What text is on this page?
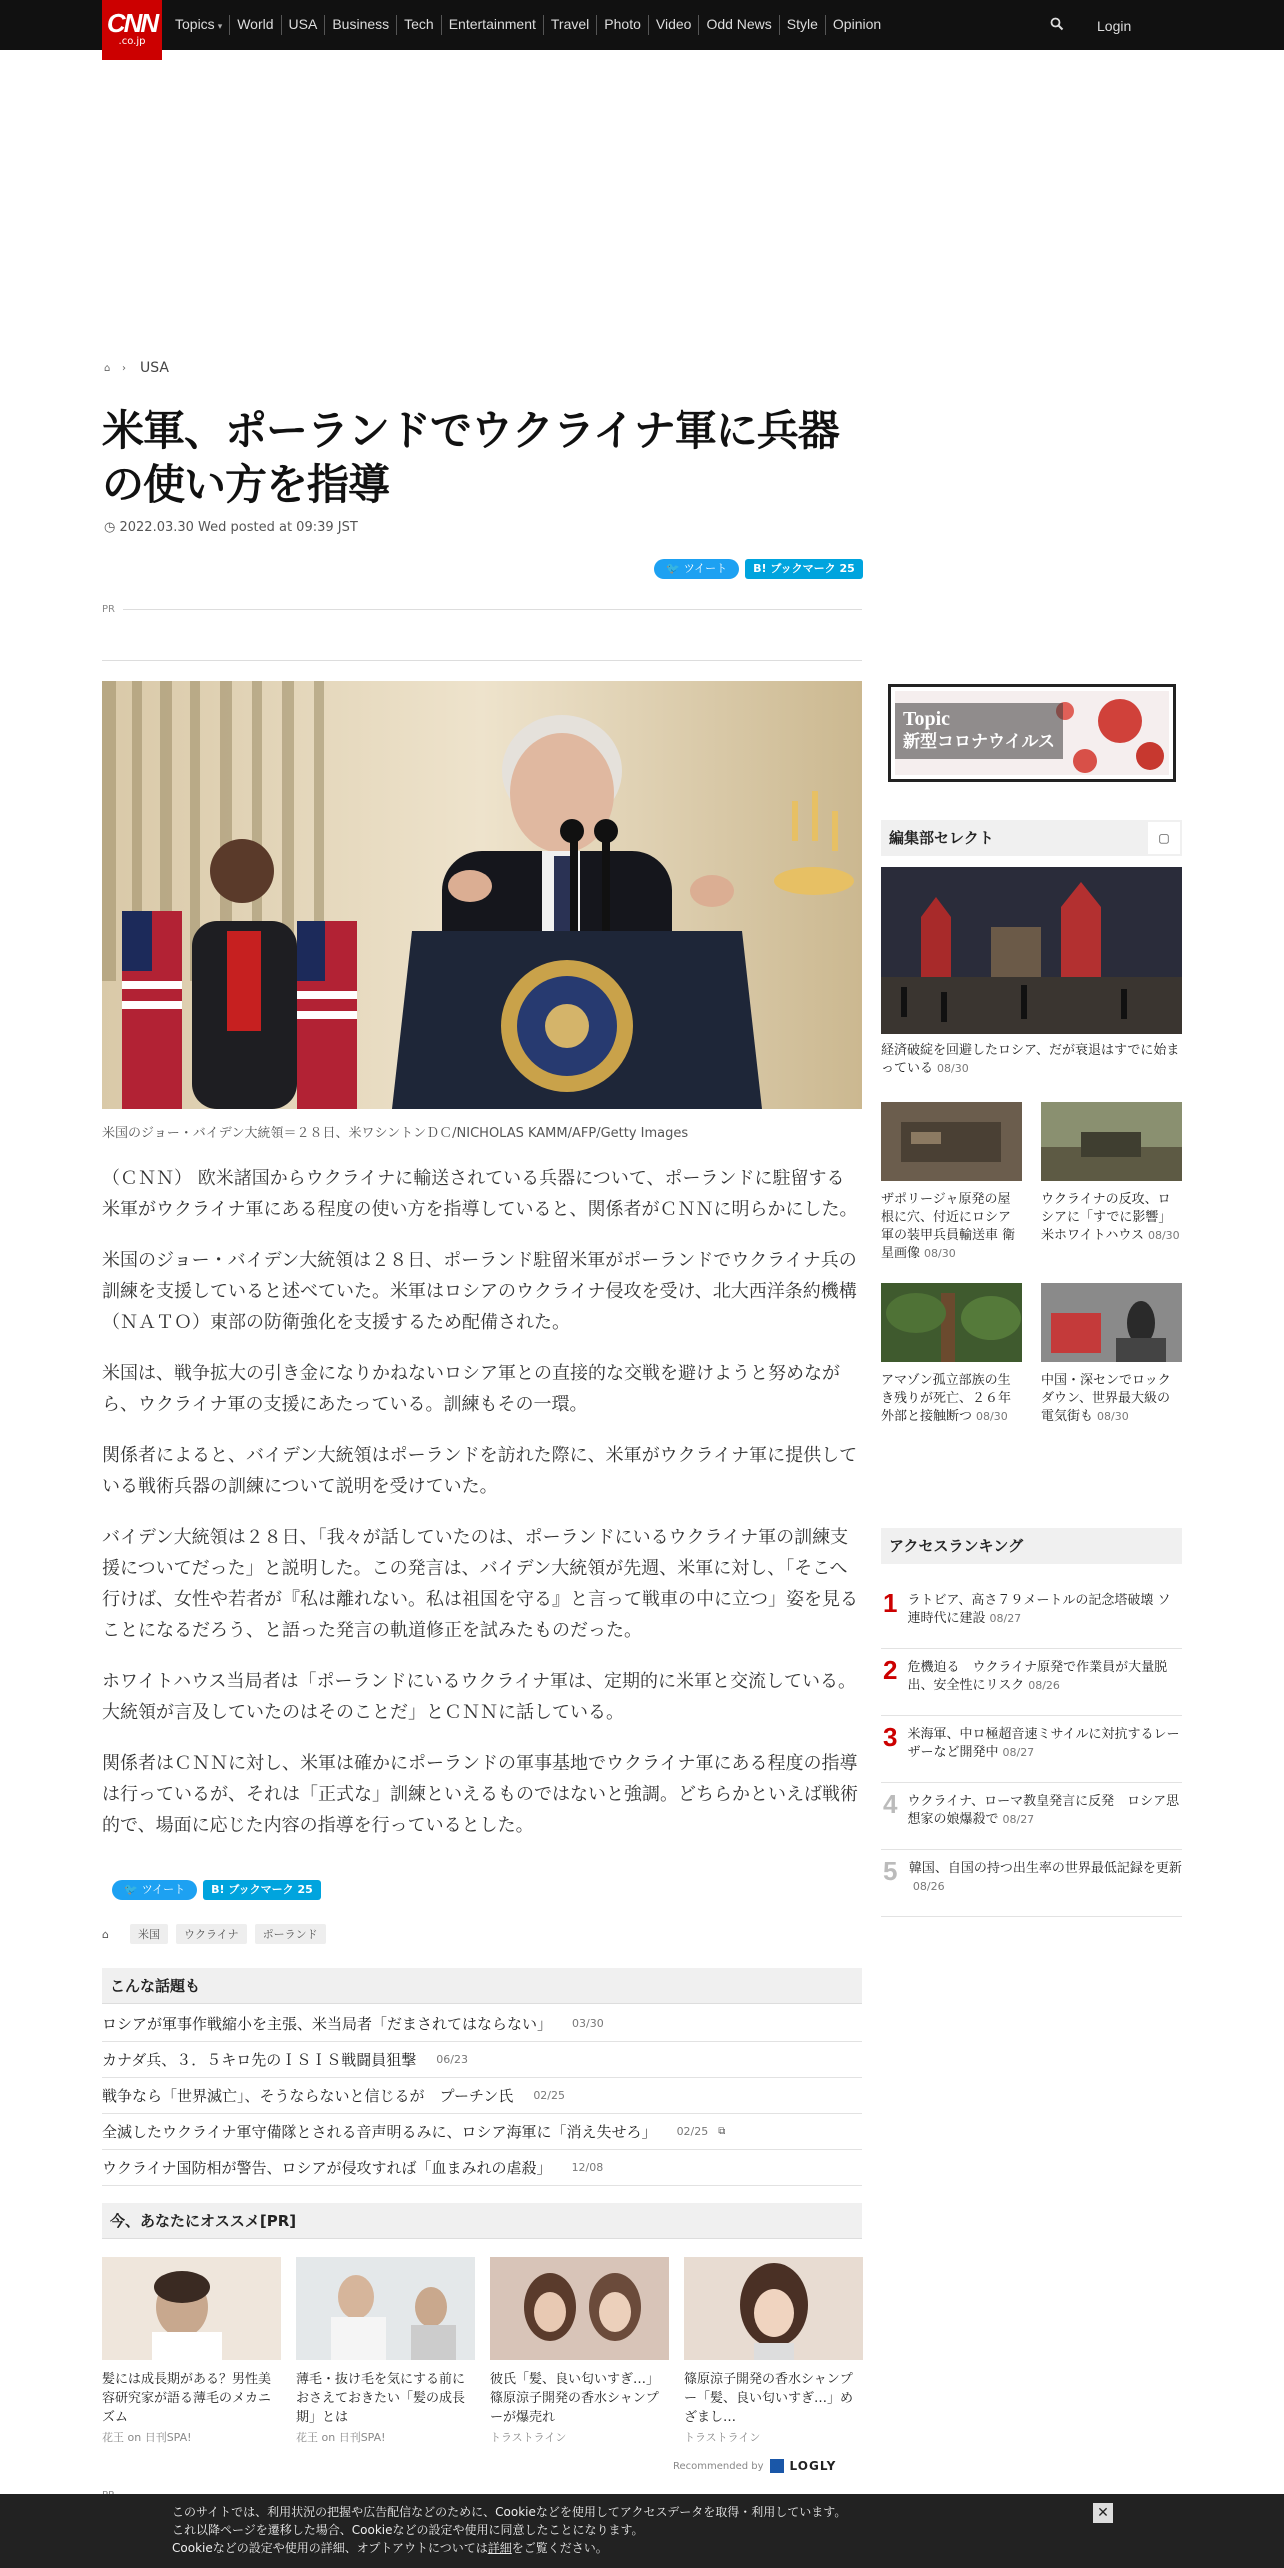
CNN
.co.jp
Topics ▾	World	USA	Business	Tech	Entertainment	Travel	Photo	Video	Odd News	Style	Opinion	Login
⌂ › USA
米軍、ポーランドでウクライナ軍に兵器の使い方を指導
◷ 2022.03.30 Wed posted at 09:39 JST
🐦 ツイート	B! ブックマーク 25
PR
米国のジョー・バイデン大統領＝２８日、米ワシントンＤＣ/NICHOLAS KAMM/AFP/Getty Images

（ＣＮＮ） 欧米諸国からウクライナに輸送されている兵器について、ポーランドに駐留する米軍がウクライナ軍にある程度の使い方を指導していると、関係者がＣＮＮに明らかにした。

米国のジョー・バイデン大統領は２８日、ポーランド駐留米軍がポーランドでウクライナ兵の訓練を支援していると述べていた。米軍はロシアのウクライナ侵攻を受け、北大西洋条約機構（ＮＡＴＯ）東部の防衛強化を支援するため配備された。

米国は、戦争拡大の引き金になりかねないロシア軍との直接的な交戦を避けようと努めながら、ウクライナ軍の支援にあたっている。訓練もその一環。

関係者によると、バイデン大統領はポーランドを訪れた際に、米軍がウクライナ軍に提供している戦術兵器の訓練について説明を受けていた。

バイデン大統領は２８日、「我々が話していたのは、ポーランドにいるウクライナ軍の訓練支援についてだった」と説明した。この発言は、バイデン大統領が先週、米軍に対し、「そこへ行けば、女性や若者が『私は離れない。私は祖国を守る』と言って戦車の中に立つ」姿を見ることになるだろう、と語った発言の軌道修正を試みたものだった。

ホワイトハウス当局者は「ポーランドにいるウクライナ軍は、定期的に米軍と交流している。大統領が言及していたのはそのことだ」とＣＮＮに話している。

関係者はＣＮＮに対し、米軍は確かにポーランドの軍事基地でウクライナ軍にある程度の指導は行っているが、それは「正式な」訓練といえるものではないと強調。どちらかといえば戦術的で、場面に応じた内容の指導を行っているとした。

🐦 ツイート	B! ブックマーク 25
⌂	米国	ウクライナ	ポーランド
こんな話題も
ロシアが軍事作戦縮小を主張、米当局者「だまされてはならない」 03/30
カナダ兵、３．５キロ先のＩＳＩＳ戦闘員狙撃 06/23
戦争なら「世界滅亡」、そうならないと信じるが　プーチン氏 02/25
全滅したウクライナ軍守備隊とされる音声明るみに、ロシア海軍に「消え失せろ」 02/25 ⧉
ウクライナ国防相が警告、ロシアが侵攻すれば「血まみれの虐殺」 12/08
今、あなたにオススメ[PR]
髪には成長期がある？男性美容研究家が語る薄毛のメカニズム
花王 on 日刊SPA!
薄毛・抜け毛を気にする前におさえておきたい「髪の成長期」とは
花王 on 日刊SPA!
彼氏「髪、良い匂いすぎ…」篠原涼子開発の香水シャンプーが爆売れ
トラストライン
篠原涼子開発の香水シャンプー「髪、良い匂いすぎ…」めざまし…
トラストライン
Recommended by LOGLY
Topic
新型コロナウイルス
編集部セレクト	▢
経済破綻を回避したロシア、だが衰退はすでに始まっている 08/30
ザポリージャ原発の屋根に穴、付近にロシア軍の装甲兵員輸送車 衛星画像 08/30
ウクライナの反攻、ロシアに「すでに影響」 米ホワイトハウス 08/30
アマゾン孤立部族の生き残りが死亡、２６年外部と接触断つ 08/30
中国・深センでロックダウン、世界最大級の電気街も 08/30
アクセスランキング
1 ラトビア、高さ７９メートルの記念塔破壊 ソ連時代に建設 08/27
2 危機迫る　ウクライナ原発で作業員が大量脱出、安全性にリスク 08/26
3 米海軍、中ロ極超音速ミサイルに対抗するレーザーなど開発中 08/27
4 ウクライナ、ローマ教皇発言に反発　ロシア思想家の娘爆殺で 08/27
5 韓国、自国の持つ出生率の世界最低記録を更新08/26
このサイトでは、利用状況の把握や広告配信などのために、Cookieなどを使用してアクセスデータを取得・利用しています。
これ以降ページを遷移した場合、Cookieなどの設定や使用に同意したことになります。
Cookieなどの設定や使用の詳細、オプトアウトについては詳細をご覧ください。
✕
